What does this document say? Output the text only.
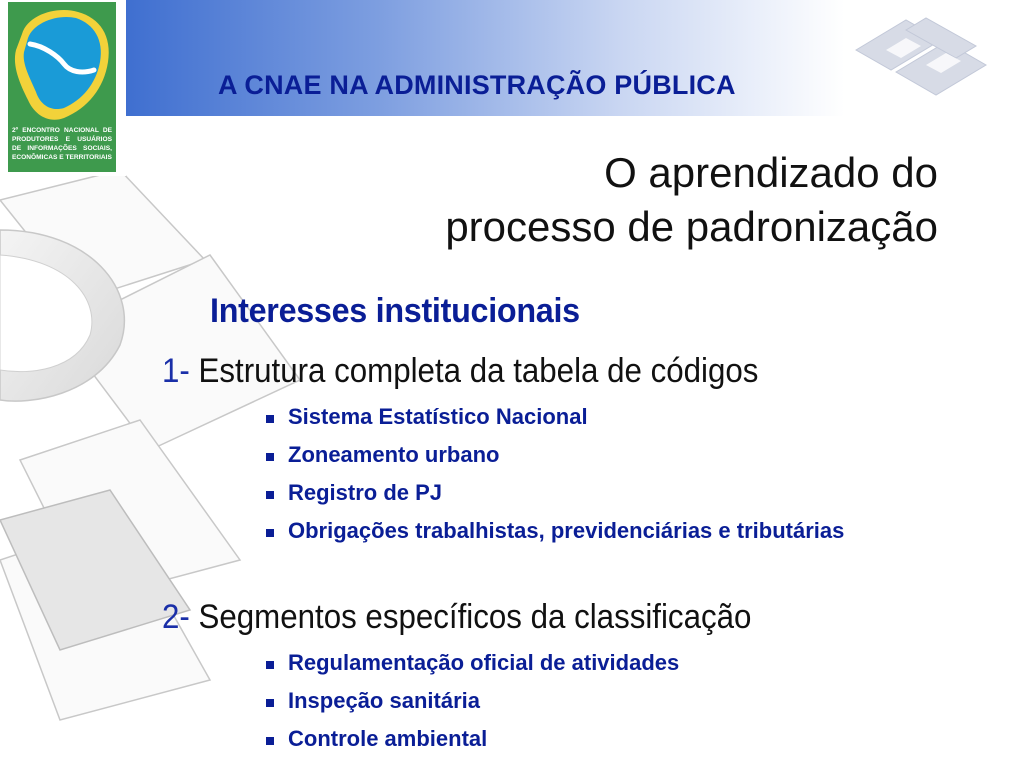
A CNAE NA ADMINISTRAÇÃO PÚBLICA
2º ENCONTRO NACIONAL DE PRODUTORES E USUÁRIOS DE INFORMAÇÕES SOCIAIS, ECONÔMICAS E TERRITORIAIS	O aprendizado do
processo de padronização
Interesses institucionais
1- Estrutura completa da tabela de códigos
Sistema Estatístico Nacional
Zoneamento urbano
Registro de PJ
Obrigações trabalhistas, previdenciárias e tributárias
2- Segmentos específicos da classificação
Regulamentação oficial de atividades
Inspeção sanitária
Controle ambiental
